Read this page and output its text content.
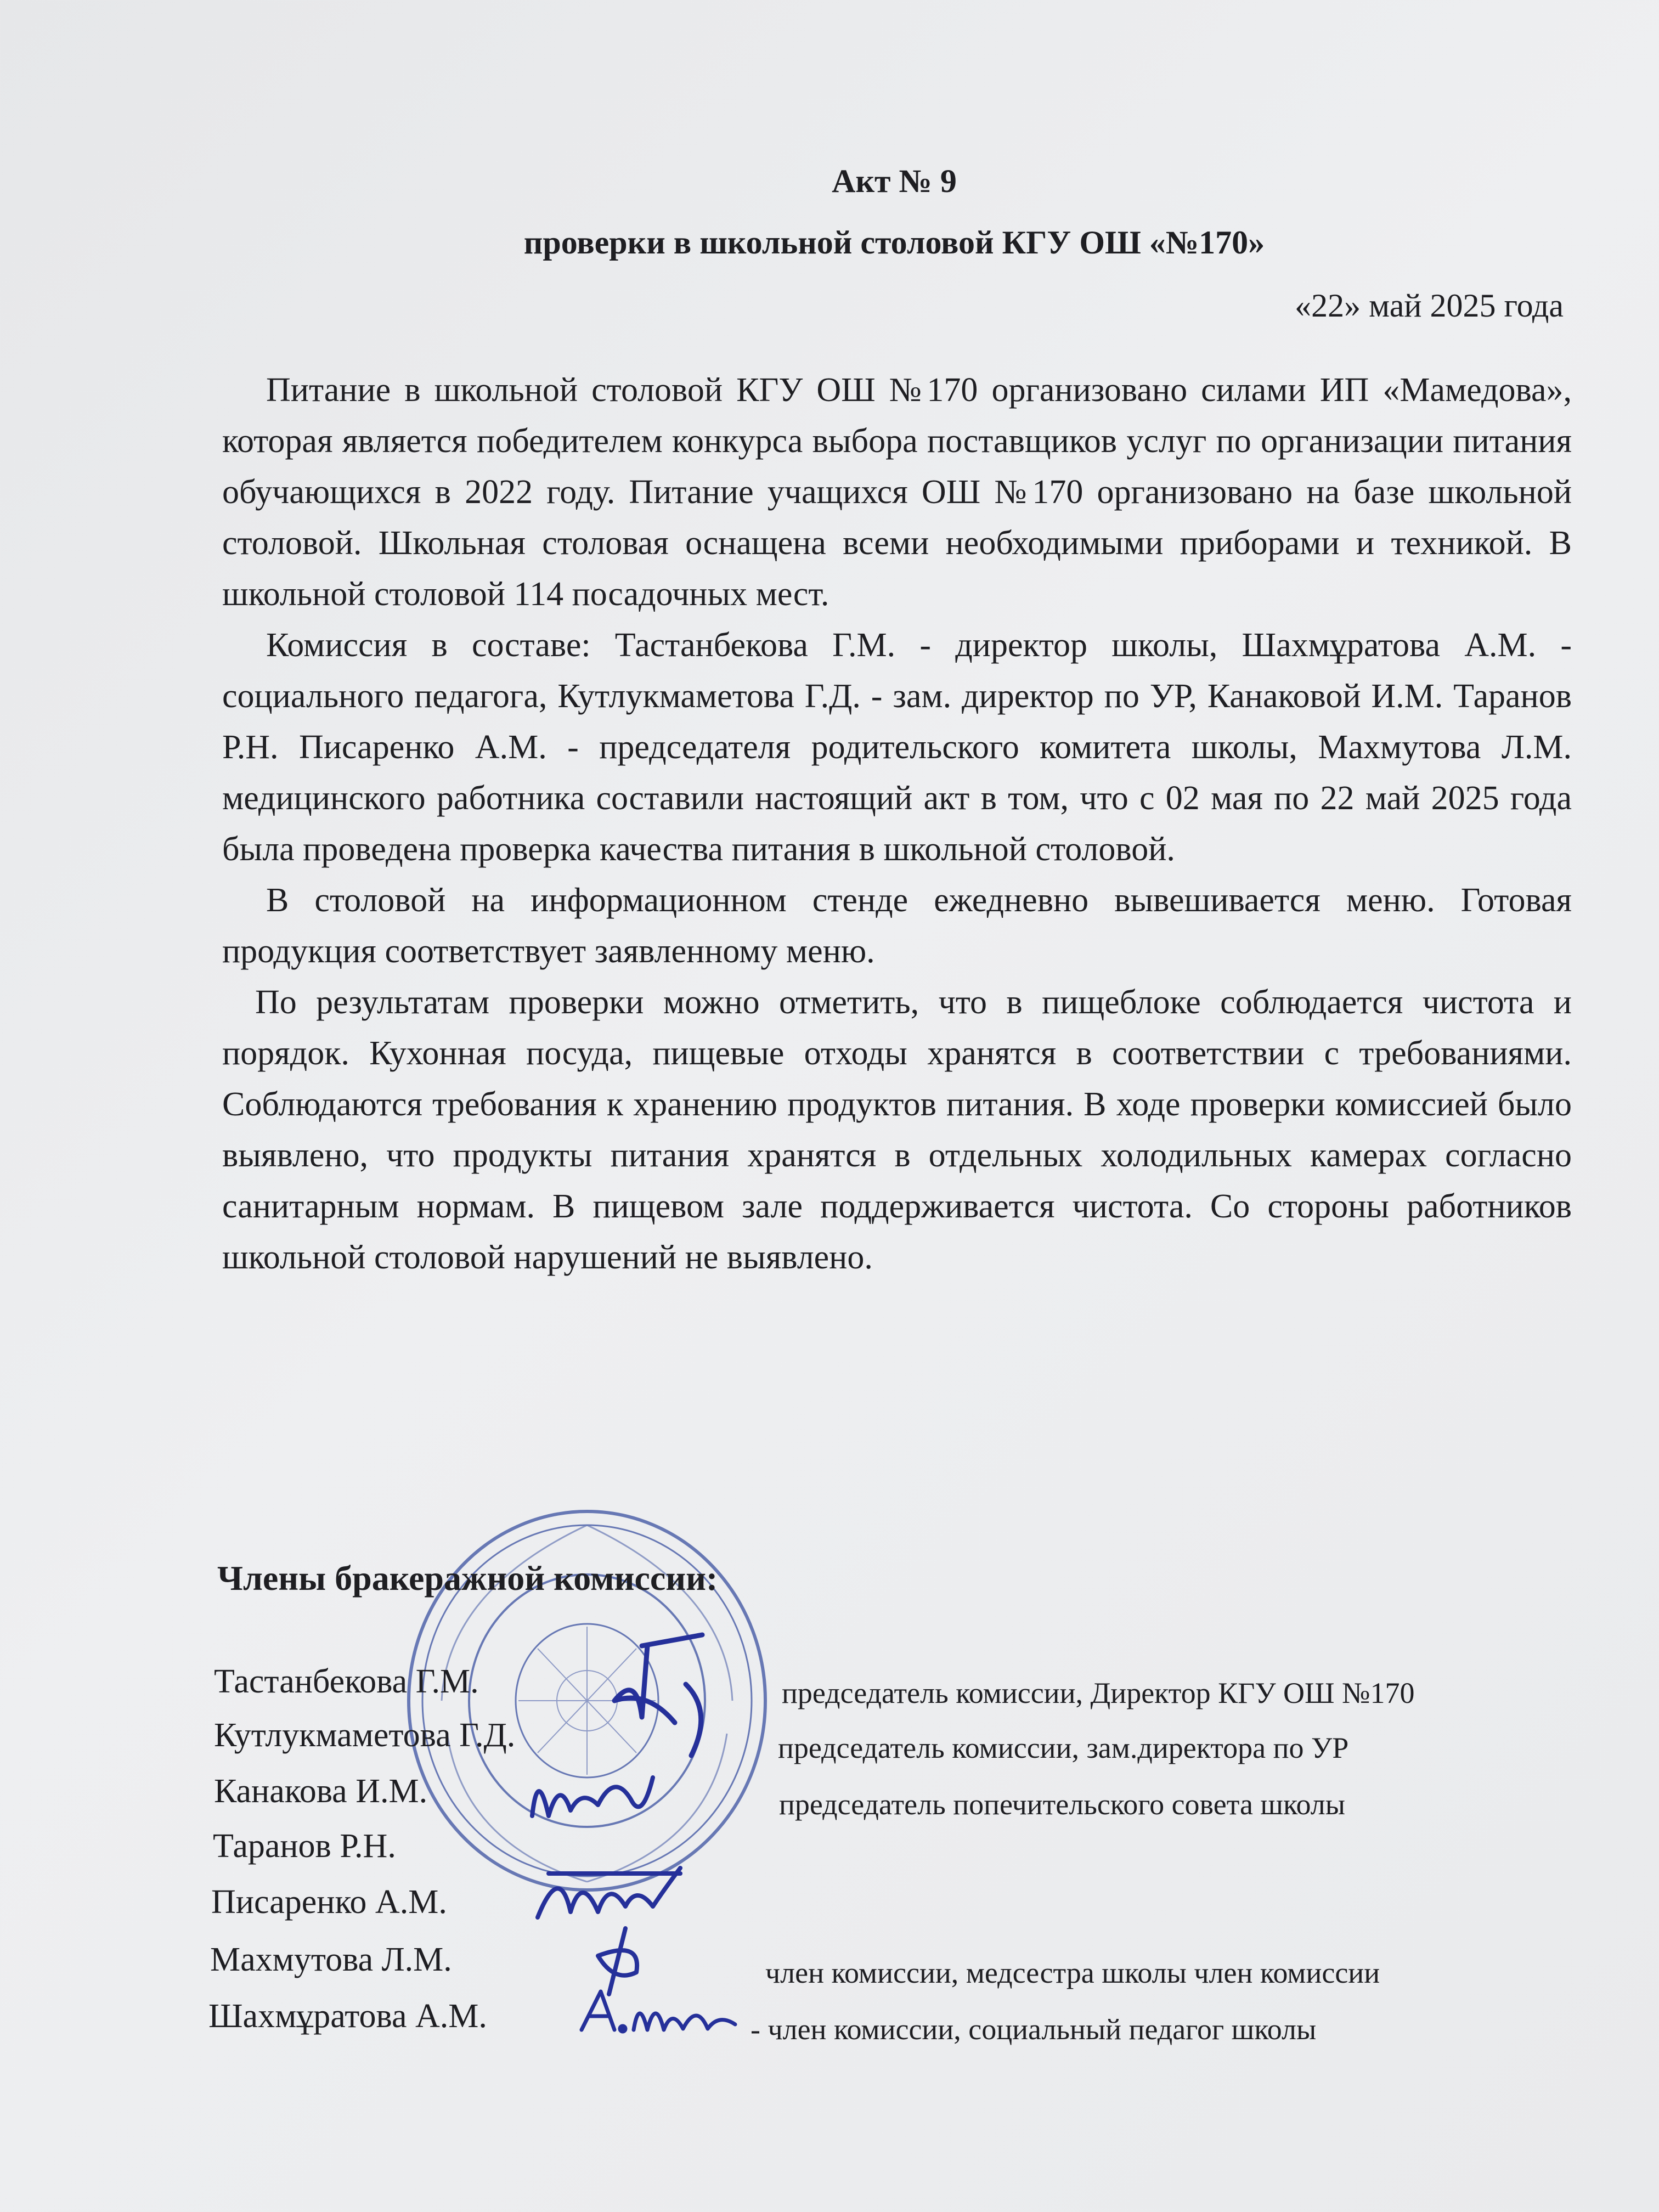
Акт № 9
проверки в школьной столовой КГУ ОШ «№170»
«22» май 2025 года

Питание в школьной столовой КГУ ОШ №170 организовано силами ИП «Мамедова», которая является победителем конкурса выбора поставщиков услуг по организации питания обучающихся в 2022 году. Питание учащихся ОШ №170 организовано на базе школьной столовой. Школьная столовая оснащена всеми необходимыми приборами и техникой. В школьной столовой 114 посадочных мест.

Комиссия в составе: Тастанбекова Г.М. - директор школы, Шахмұратова А.М. - социального педагога, Кутлукмаметова Г.Д. - зам. директор по УР, Канаковой И.М. Таранов Р.Н. Писаренко А.М. - председателя родительского комитета школы, Махмутова Л.М. медицинского работника составили настоящий акт в том, что с 02 мая по 22 май 2025 года была проведена проверка качества питания в школьной столовой.

В столовой на информационном стенде ежедневно вывешивается меню. Готовая продукция соответствует заявленному меню.

По результатам проверки можно отметить, что в пищеблоке соблюдается чистота и порядок. Кухонная посуда, пищевые отходы хранятся в соответствии с требованиями. Соблюдаются требования к хранению продуктов питания. В ходе проверки комиссией было выявлено, что продукты питания хранятся в отдельных холодильных камерах согласно санитарным нормам. В пищевом зале поддерживается чистота. Со стороны работников школьной столовой нарушений не выявлено.

Члены бракеражной комиссии:
Тастанбекова Г.М.	председатель комиссии, Директор КГУ ОШ №170
Кутлукмаметова Г.Д.	председатель комиссии, зам.директора по УР
Канакова И.М.	председатель попечительского совета школы
Таранов Р.Н.
Писаренко А.М.
Махмутова Л.М.	член комиссии, медсестра школы член комиссии
Шахмұратова А.М.	- член комиссии, социальный педагог школы
